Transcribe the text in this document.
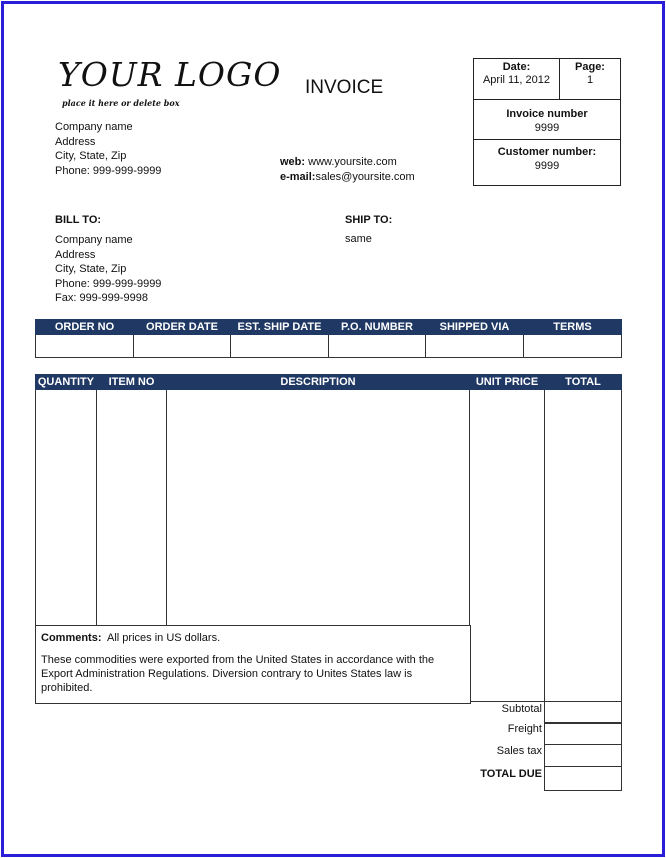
YOUR LOGO
place it here or delete box
INVOICE
Company name
Address
City, State, Zip
Phone: 999-999-9999
web: www.yoursite.com
e-mail:sales@yoursite.com
Date:
April 11, 2012
Page:
1
Invoice number
9999
Customer number:
9999
BILL TO:
Company name
Address
City, State, Zip
Phone: 999-999-9999
Fax: 999-999-9998
SHIP TO:
same
ORDER NO	ORDER DATE	EST. SHIP DATE	P.O. NUMBER	SHIPPED VIA	TERMS

QUANTITY	ITEM NO	DESCRIPTION	UNIT PRICE	TOTAL

Comments: All prices in US dollars.
These commodities were exported from the United States in accordance with the Export Administration Regulations. Diversion contrary to Unites States law is prohibited.
Subtotal
Freight
Sales tax
TOTAL DUE
